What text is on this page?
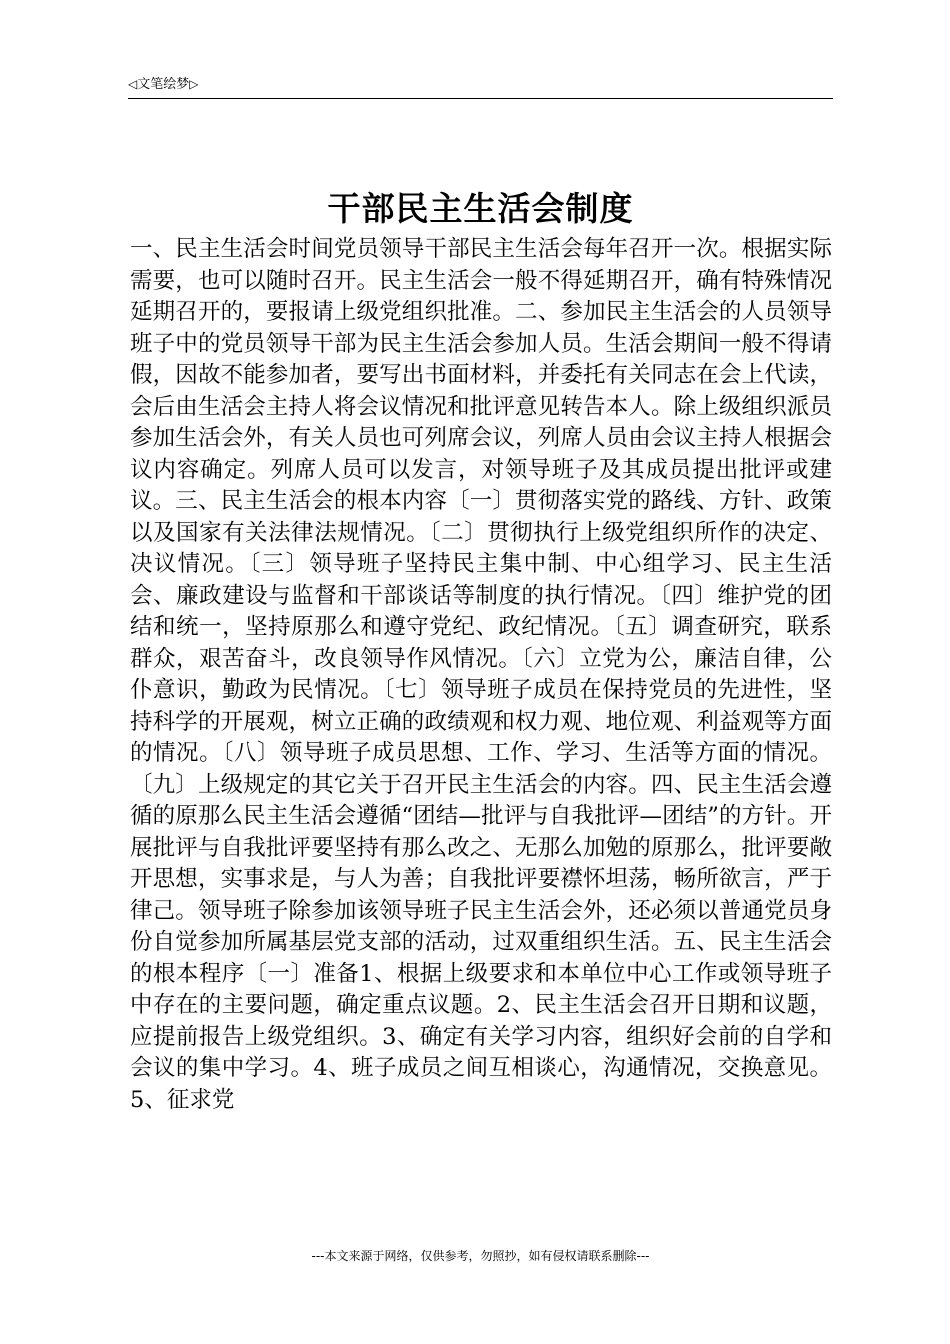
◁文笔绘梦▷
干部民主生活会制度

一、民主生活会时间党员领导干部民主生活会每年召开一次。根据实际需要，也可以随时召开。民主生活会一般不得延期召开，确有特殊情况延期召开的，要报请上级党组织批准。二、参加民主生活会的人员领导班子中的党员领导干部为民主生活会参加人员。生活会期间一般不得请假，因故不能参加者，要写出书面材料，并委托有关同志在会上代读，会后由生活会主持人将会议情况和批评意见转告本人。除上级组织派员参加生活会外，有关人员也可列席会议，列席人员由会议主持人根据会议内容确定。列席人员可以发言，对领导班子及其成员提出批评或建议。三、民主生活会的根本内容〔一〕贯彻落实党的路线、方针、政策以及国家有关法律法规情况。〔二〕贯彻执行上级党组织所作的决定、决议情况。〔三〕领导班子坚持民主集中制、中心组学习、民主生活会、廉政建设与监督和干部谈话等制度的执行情况。〔四〕维护党的团结和统一，坚持原那么和遵守党纪、政纪情况。〔五〕调查研究，联系群众，艰苦奋斗，改良领导作风情况。〔六〕立党为公，廉洁自律，公仆意识，勤政为民情况。〔七〕领导班子成员在保持党员的先进性，坚持科学的开展观，树立正确的政绩观和权力观、地位观、利益观等方面的情况。〔八〕领导班子成员思想、工作、学习、生活等方面的情况。〔九〕上级规定的其它关于召开民主生活会的内容。四、民主生活会遵循的原那么民主生活会遵循“团结—批评与自我批评—团结”的方针。开展批评与自我批评要坚持有那么改之、无那么加勉的原那么，批评要敞开思想，实事求是，与人为善；自我批评要襟怀坦荡，畅所欲言，严于律己。领导班子除参加该领导班子民主生活会外，还必须以普通党员身份自觉参加所属基层党支部的活动，过双重组织生活。五、民主生活会的根本程序〔一〕准备1、根据上级要求和本单位中心工作或领导班子中存在的主要问题，确定重点议题。2、民主生活会召开日期和议题，应提前报告上级党组织。3、确定有关学习内容，组织好会前的自学和会议的集中学习。4、班子成员之间互相谈心，沟通情况，交换意见。5、征求党

---本文来源于网络，仅供参考，勿照抄，如有侵权请联系删除---
